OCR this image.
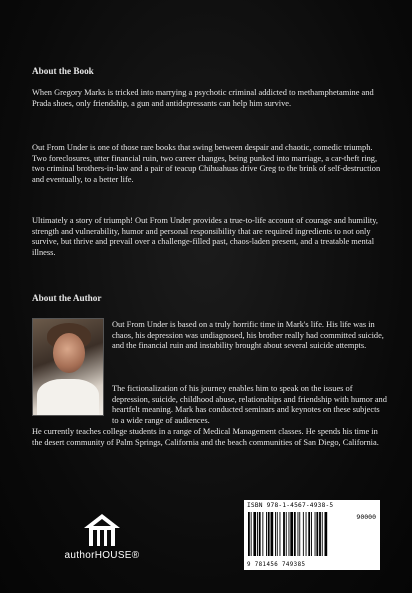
About the Book

When Gregory Marks is tricked into marrying a psychotic criminal addicted to methamphetamine and Prada shoes, only friendship, a gun and antidepressants can help him survive.

Out From Under is one of those rare books that swing between despair and chaotic, comedic triumph. Two foreclosures, utter financial ruin, two career changes, being punked into marriage, a car-theft ring, two criminal brothers-in-law and a pair of teacup Chihuahuas drive Greg to the brink of self-destruction and eventually, to a better life.

Ultimately a story of triumph! Out From Under provides a true-to-life account of courage and humility, strength and vulnerability, humor and personal responsibility that are required ingredients to not only survive, but thrive and prevail over a challenge-filled past, chaos-laden present, and a treatable mental illness.

About the Author

Out From Under is based on a truly horrific time in Mark's life. His life was in chaos, his depression was undiagnosed, his brother really had committed suicide, and the financial ruin and instability brought about several suicide attempts.

The fictionalization of his journey enables him to speak on the issues of depression, suicide, childhood abuse, relationships and friendship with humor and heartfelt meaning. Mark has conducted seminars and keynotes on these subjects to a wide range of audiences.

He currently teaches college students in a range of Medical Management classes. He spends his time in the desert community of Palm Springs, California and the beach communities of San Diego, California.

authorHOUSE®
ISBN 978-1-4567-4938-5
90000
9 781456 749385
